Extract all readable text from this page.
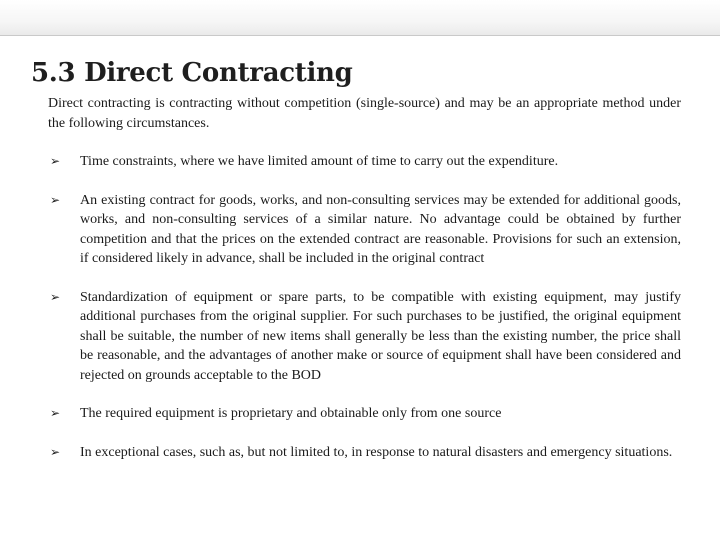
5.3 Direct Contracting

Direct contracting is contracting without competition (single-source) and may be an appropriate method under the following circumstances.

➢ Time constraints, where we have limited amount of time to carry out the expenditure.
➢ An existing contract for goods, works, and non-consulting services may be extended for additional goods, works, and non-consulting services of a similar nature. No advantage could be obtained by further competition and that the prices on the extended contract are reasonable. Provisions for such an extension, if considered likely in advance, shall be included in the original contract
➢ Standardization of equipment or spare parts, to be compatible with existing equipment, may justify additional purchases from the original supplier. For such purchases to be justified, the original equipment shall be suitable, the number of new items shall generally be less than the existing number, the price shall be reasonable, and the advantages of another make or source of equipment shall have been considered and rejected on grounds acceptable to the BOD
➢ The required equipment is proprietary and obtainable only from one source
➢ In exceptional cases, such as, but not limited to, in response to natural disasters and emergency situations.
